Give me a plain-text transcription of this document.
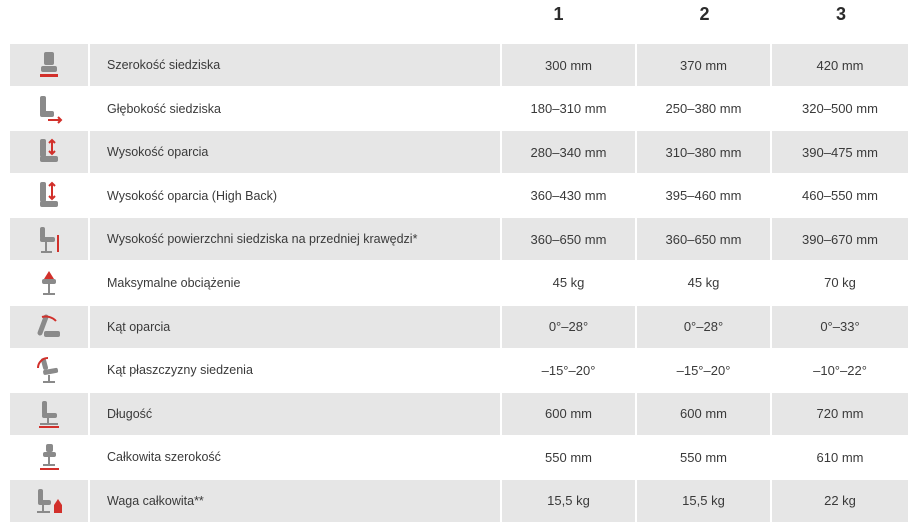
1	2	3
Szerokość siedziska	300 mm	370 mm	420 mm
Głębokość siedziska	180–310 mm	250–380 mm	320–500 mm
Wysokość oparcia	280–340 mm	310–380 mm	390–475 mm
Wysokość oparcia (High Back)	360–430 mm	395–460 mm	460–550 mm
Wysokość powierzchni siedziska na przedniej krawędzi*	360–650 mm	360–650 mm	390–670 mm
Maksymalne obciążenie	45 kg	45 kg	70 kg
Kąt oparcia	0°–28°	0°–28°	0°–33°
Kąt płaszczyzny siedzenia	–15°–20°	–15°–20°	–10°–22°
Długość	600 mm	600 mm	720 mm
Całkowita szerokość	550 mm	550 mm	610 mm
Waga całkowita**	15,5 kg	15,5 kg	22 kg
